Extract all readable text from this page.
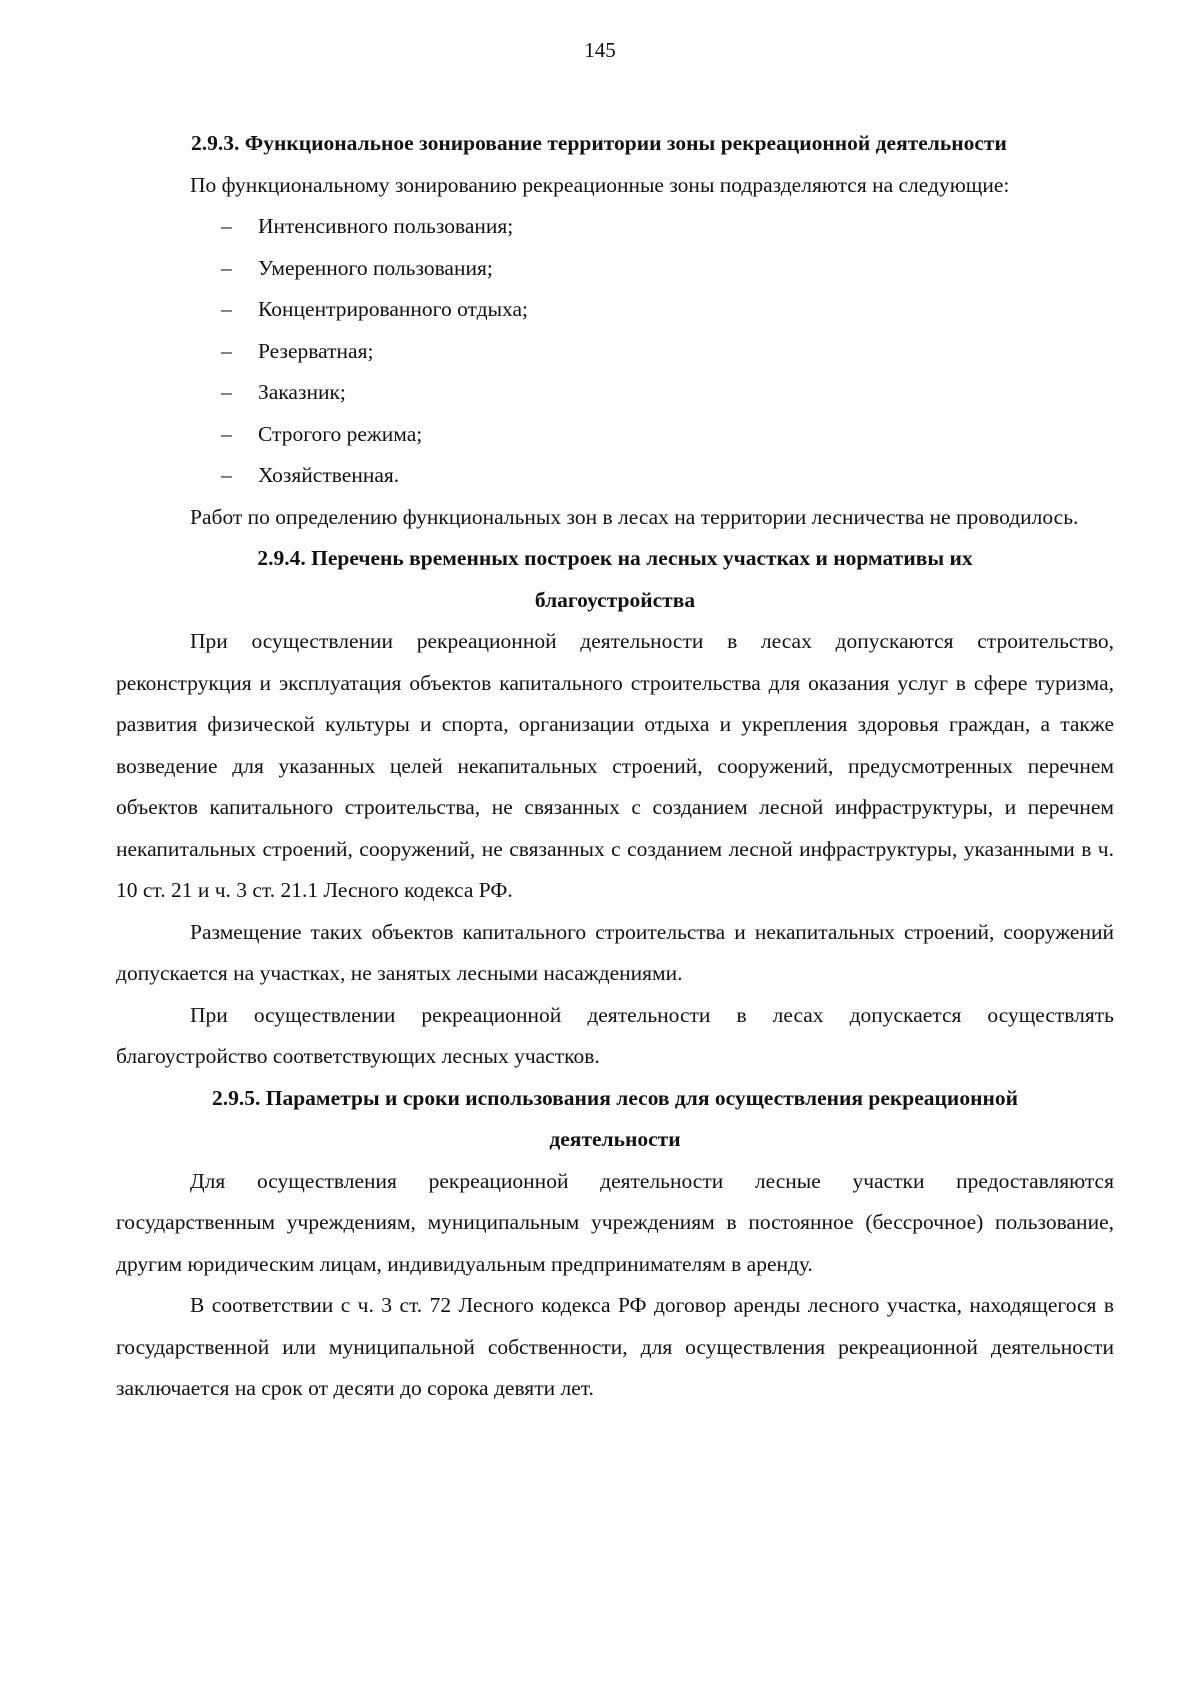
145

2.9.3. Функциональное зонирование территории зоны рекреационной деятельности

По функциональному зонированию рекреационные зоны подразделяются на следующие:

– Интенсивного пользования;
– Умеренного пользования;
– Концентрированного отдыха;
– Резерватная;
– Заказник;
– Строгого режима;
– Хозяйственная.

Работ по определению функциональных зон в лесах на территории лесничества не проводилось.

2.9.4. Перечень временных построек на лесных участках и нормативы их благоустройства

При осуществлении рекреационной деятельности в лесах допускаются строительство, реконструкция и эксплуатация объектов капитального строительства для оказания услуг в сфере туризма, развития физической культуры и спорта, организации отдыха и укрепления здоровья граждан, а также возведение для указанных целей некапитальных строений, сооружений, предусмотренных перечнем объектов капитального строительства, не связанных с созданием лесной инфраструктуры, и перечнем некапитальных строений, сооружений, не связанных с созданием лесной инфраструктуры, указанными в ч. 10 ст. 21 и ч. 3 ст. 21.1 Лесного кодекса РФ.

Размещение таких объектов капитального строительства и некапитальных строений, сооружений допускается на участках, не занятых лесными насаждениями.

При осуществлении рекреационной деятельности в лесах допускается осуществлять благоустройство соответствующих лесных участков.

2.9.5. Параметры и сроки использования лесов для осуществления рекреационной деятельности

Для осуществления рекреационной деятельности лесные участки предоставляются государственным учреждениям, муниципальным учреждениям в постоянное (бессрочное) пользование, другим юридическим лицам, индивидуальным предпринимателям в аренду.

В соответствии с ч. 3 ст. 72 Лесного кодекса РФ договор аренды лесного участка, находящегося в государственной или муниципальной собственности, для осуществления рекреационной деятельности заключается на срок от десяти до сорока девяти лет.
